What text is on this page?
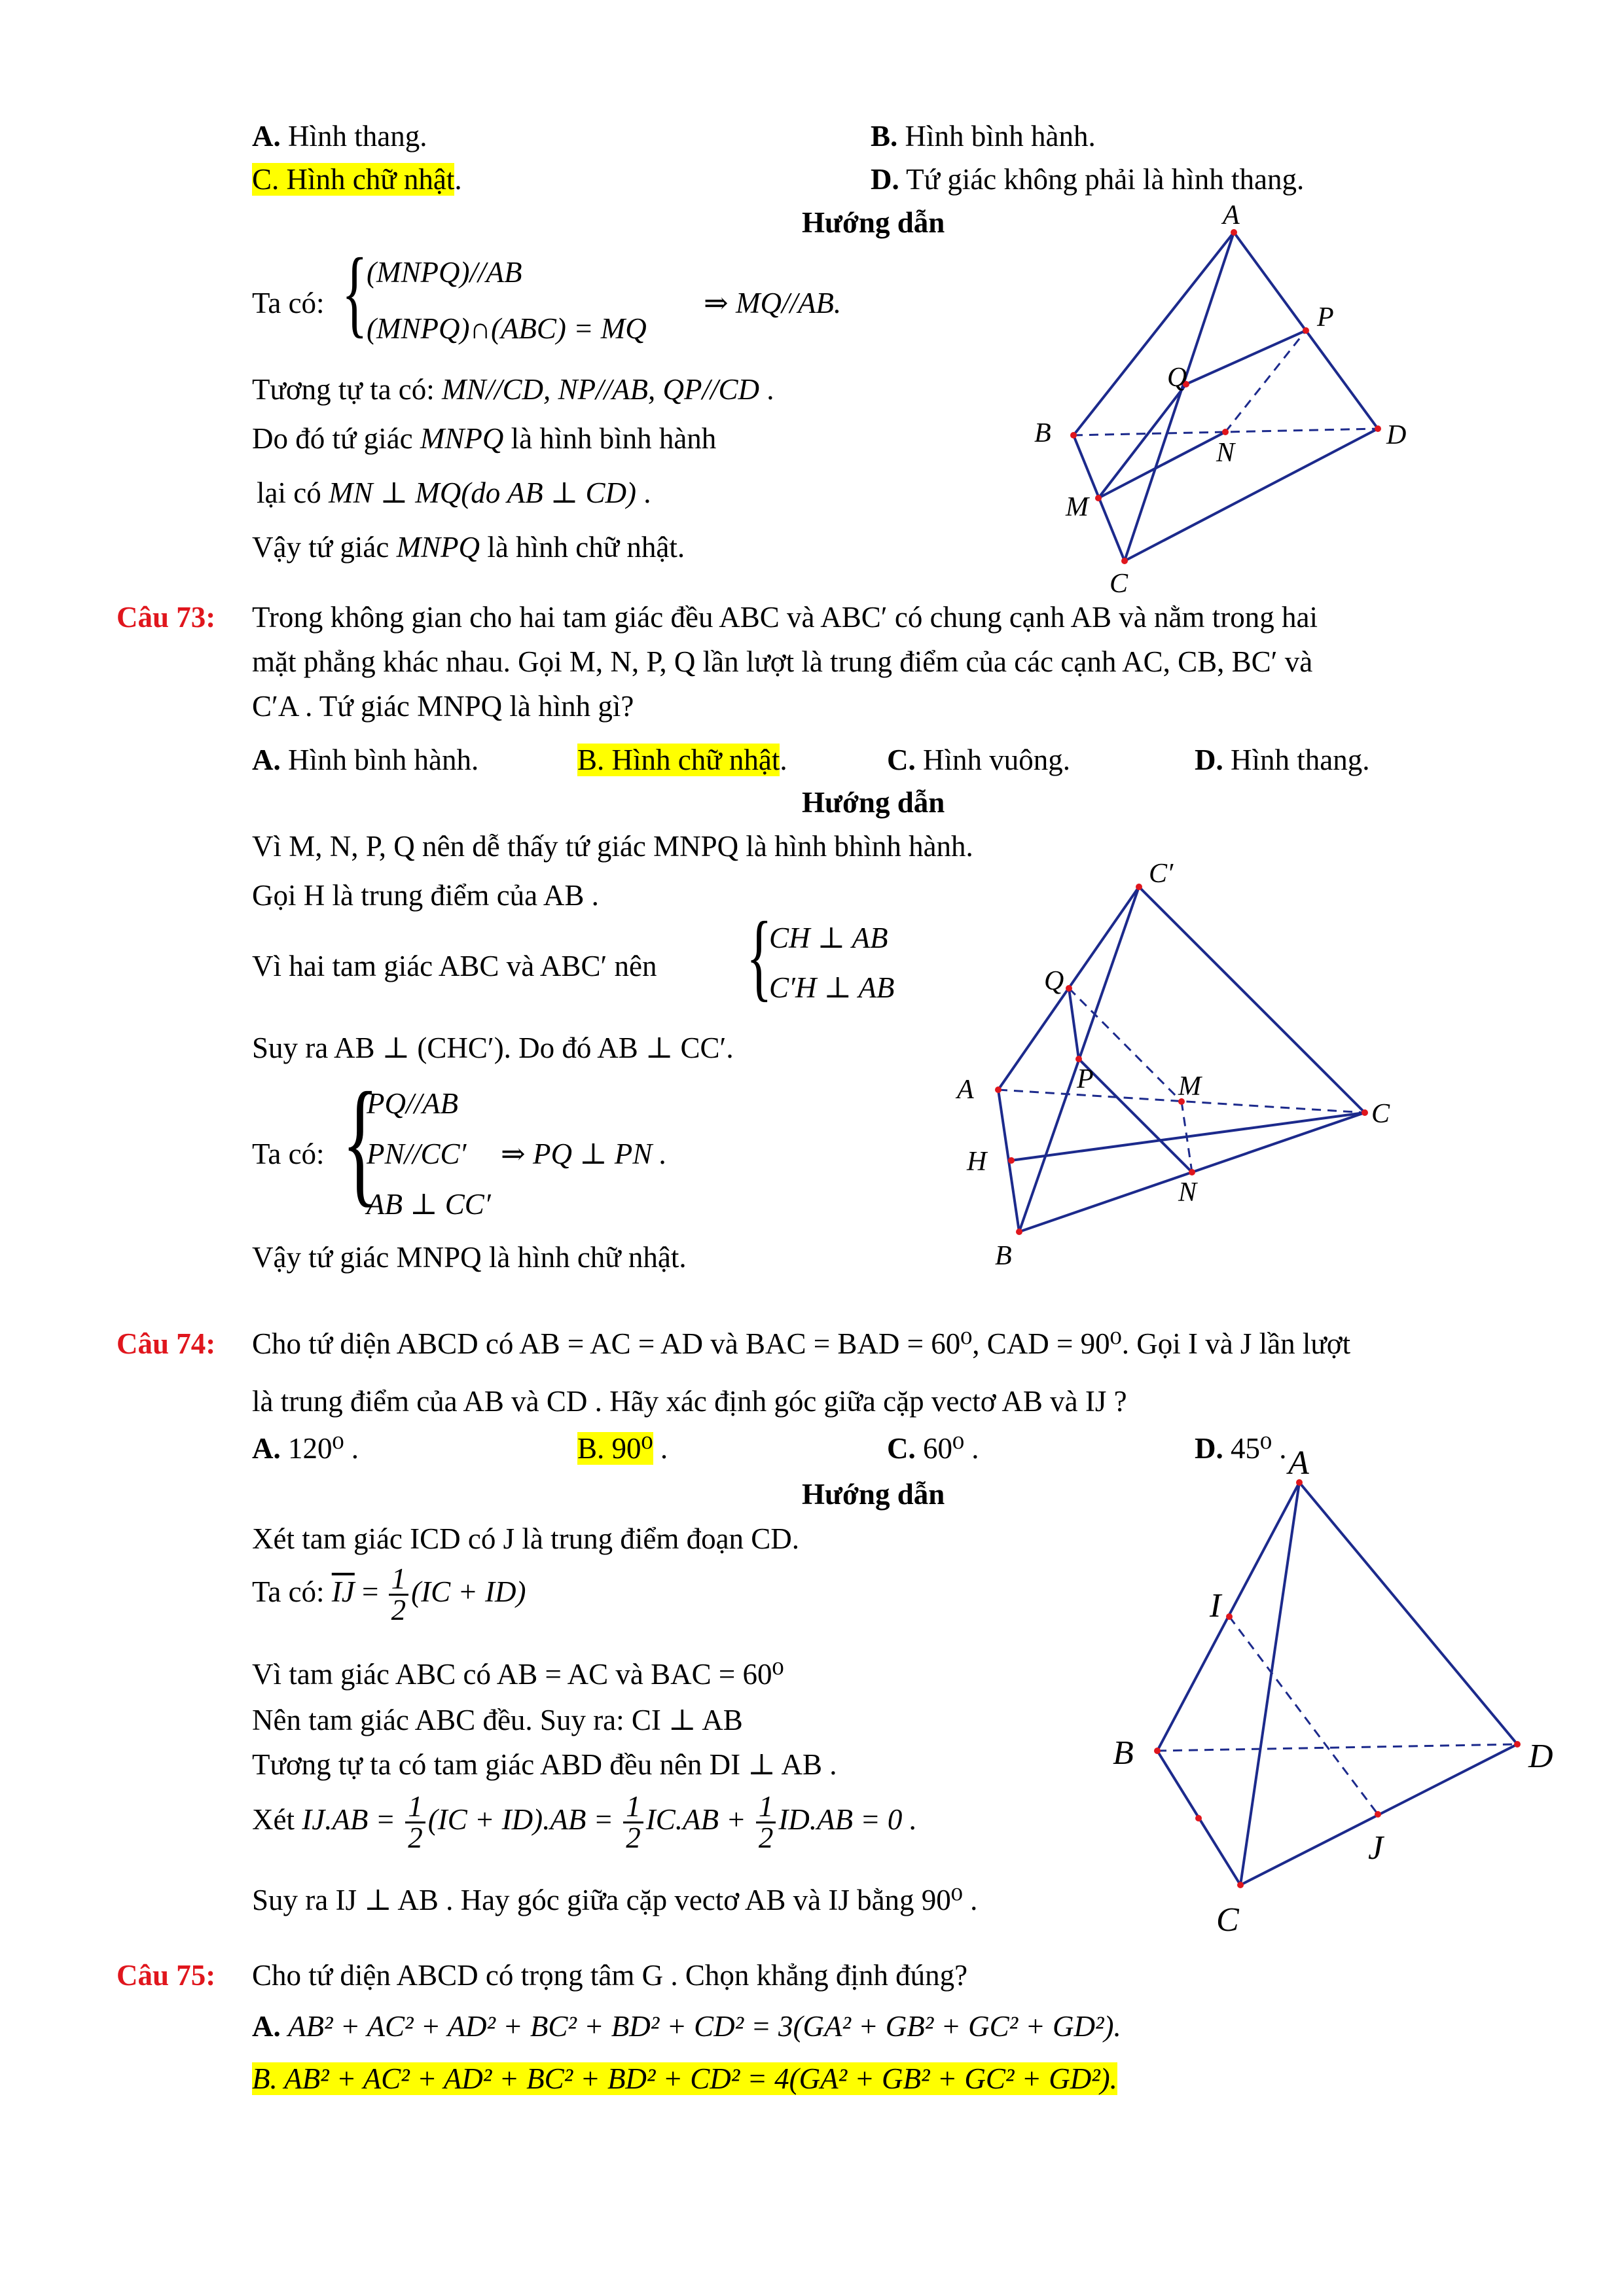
A. Hình thang.	B. Hình bình hành.
C. Hình chữ nhật.	D. Tứ giác không phải là hình thang.
Hướng dẫn
Ta có: {
(MNPQ)//AB
(MNPQ)∩(ABC) = MQ
⇒ MQ//AB.
Tương tự ta có: MN//CD, NP//AB, QP//CD .
Do đó tứ giác MNPQ là hình bình hành
lại có MN ⊥ MQ(do AB ⊥ CD) .
Vậy tứ giác MNPQ là hình chữ nhật.
A
B
C
D
M
N
P
Q
Câu 73: Trong không gian cho hai tam giác đều ABC và ABC′ có chung cạnh AB và nằm trong hai
mặt phẳng khác nhau. Gọi M, N, P, Q lần lượt là trung điểm của các cạnh AC, CB, BC′ và
C′A . Tứ giác MNPQ là hình gì?
A. Hình bình hành.	B. Hình chữ nhật.	C. Hình vuông.	D. Hình thang.
Hướng dẫn
Vì M, N, P, Q nên dễ thấy tứ giác MNPQ là hình bhình hành.
Gọi H là trung điểm của AB .
Vì hai tam giác ABC và ABC′ nên {
CH ⊥ AB
C′H ⊥ AB
Suy ra AB ⊥ (CHC′). Do đó AB ⊥ CC′.
Ta có: {
PQ//AB
PN//CC′
AB ⊥ CC′
⇒ PQ ⊥ PN .
Vậy tứ giác MNPQ là hình chữ nhật.
C′
Q
A	P	M
C
H
N
B
Câu 74: Cho tứ diện ABCD có AB = AC = AD và BAC = BAD = 60⁰, CAD = 90⁰. Gọi I và J lần lượt
là trung điểm của AB và CD . Hãy xác định góc giữa cặp vectơ AB và IJ ?
A. 120⁰ .	B. 90⁰ .	C. 60⁰ .	D. 45⁰ .
Hướng dẫn
Xét tam giác ICD có J là trung điểm đoạn CD.
Ta có: $\overline{IJ} = \frac{1}{2} (IC + ID)$
Vì tam giác ABC có AB = AC và BAC = 60⁰
Nên tam giác ABC đều. Suy ra: CI ⊥ AB
Tương tự ta có tam giác ABD đều nên DI ⊥ AB .
Xét $IJ.AB = \frac{1}{2} (IC + ID).AB = \frac{1}{2} IC.AB + \frac{1}{2} ID.AB = 0$ .
Suy ra IJ ⊥ AB . Hay góc giữa cặp vectơ AB và IJ bằng 90⁰ .
A
B
C
D
I
J
Câu 75: Cho tứ diện ABCD có trọng tâm G . Chọn khẳng định đúng?
A. AB² + AC² + AD² + BC² + BD² + CD² = 3(GA² + GB² + GC² + GD²).
B. AB² + AC² + AD² + BC² + BD² + CD² = 4(GA² + GB² + GC² + GD²).
